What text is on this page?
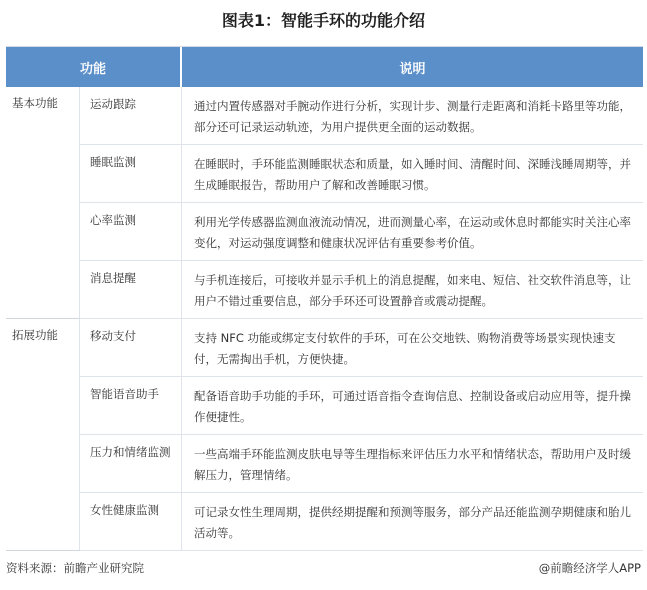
图表1：智能手环的功能介绍
功能	说明
基本功能	运动跟踪	通过内置传感器对手腕动作进行分析，实现计步、测量行走距离和消耗卡路里等功能，部分还可记录运动轨迹，为用户提供更全面的运动数据。
睡眠监测	在睡眠时，手环能监测睡眠状态和质量，如入睡时间、清醒时间、深睡浅睡周期等，并生成睡眠报告，帮助用户了解和改善睡眠习惯。
心率监测	利用光学传感器监测血液流动情况，进而测量心率，在运动或休息时都能实时关注心率变化，对运动强度调整和健康状况评估有重要参考价值。
消息提醒	与手机连接后，可接收并显示手机上的消息提醒，如来电、短信、社交软件消息等，让用户不错过重要信息，部分手环还可设置静音或震动提醒。
拓展功能	移动支付	支持 NFC 功能或绑定支付软件的手环，可在公交地铁、购物消费等场景实现快速支付，无需掏出手机，方便快捷。
智能语音助手	配备语音助手功能的手环，可通过语音指令查询信息、控制设备或启动应用等，提升操作便捷性。
压力和情绪监测	一些高端手环能监测皮肤电导等生理指标来评估压力水平和情绪状态，帮助用户及时缓解压力，管理情绪。
女性健康监测	可记录女性生理周期，提供经期提醒和预测等服务，部分产品还能监测孕期健康和胎儿活动等。
资料来源：前瞻产业研究院	@前瞻经济学人APP
